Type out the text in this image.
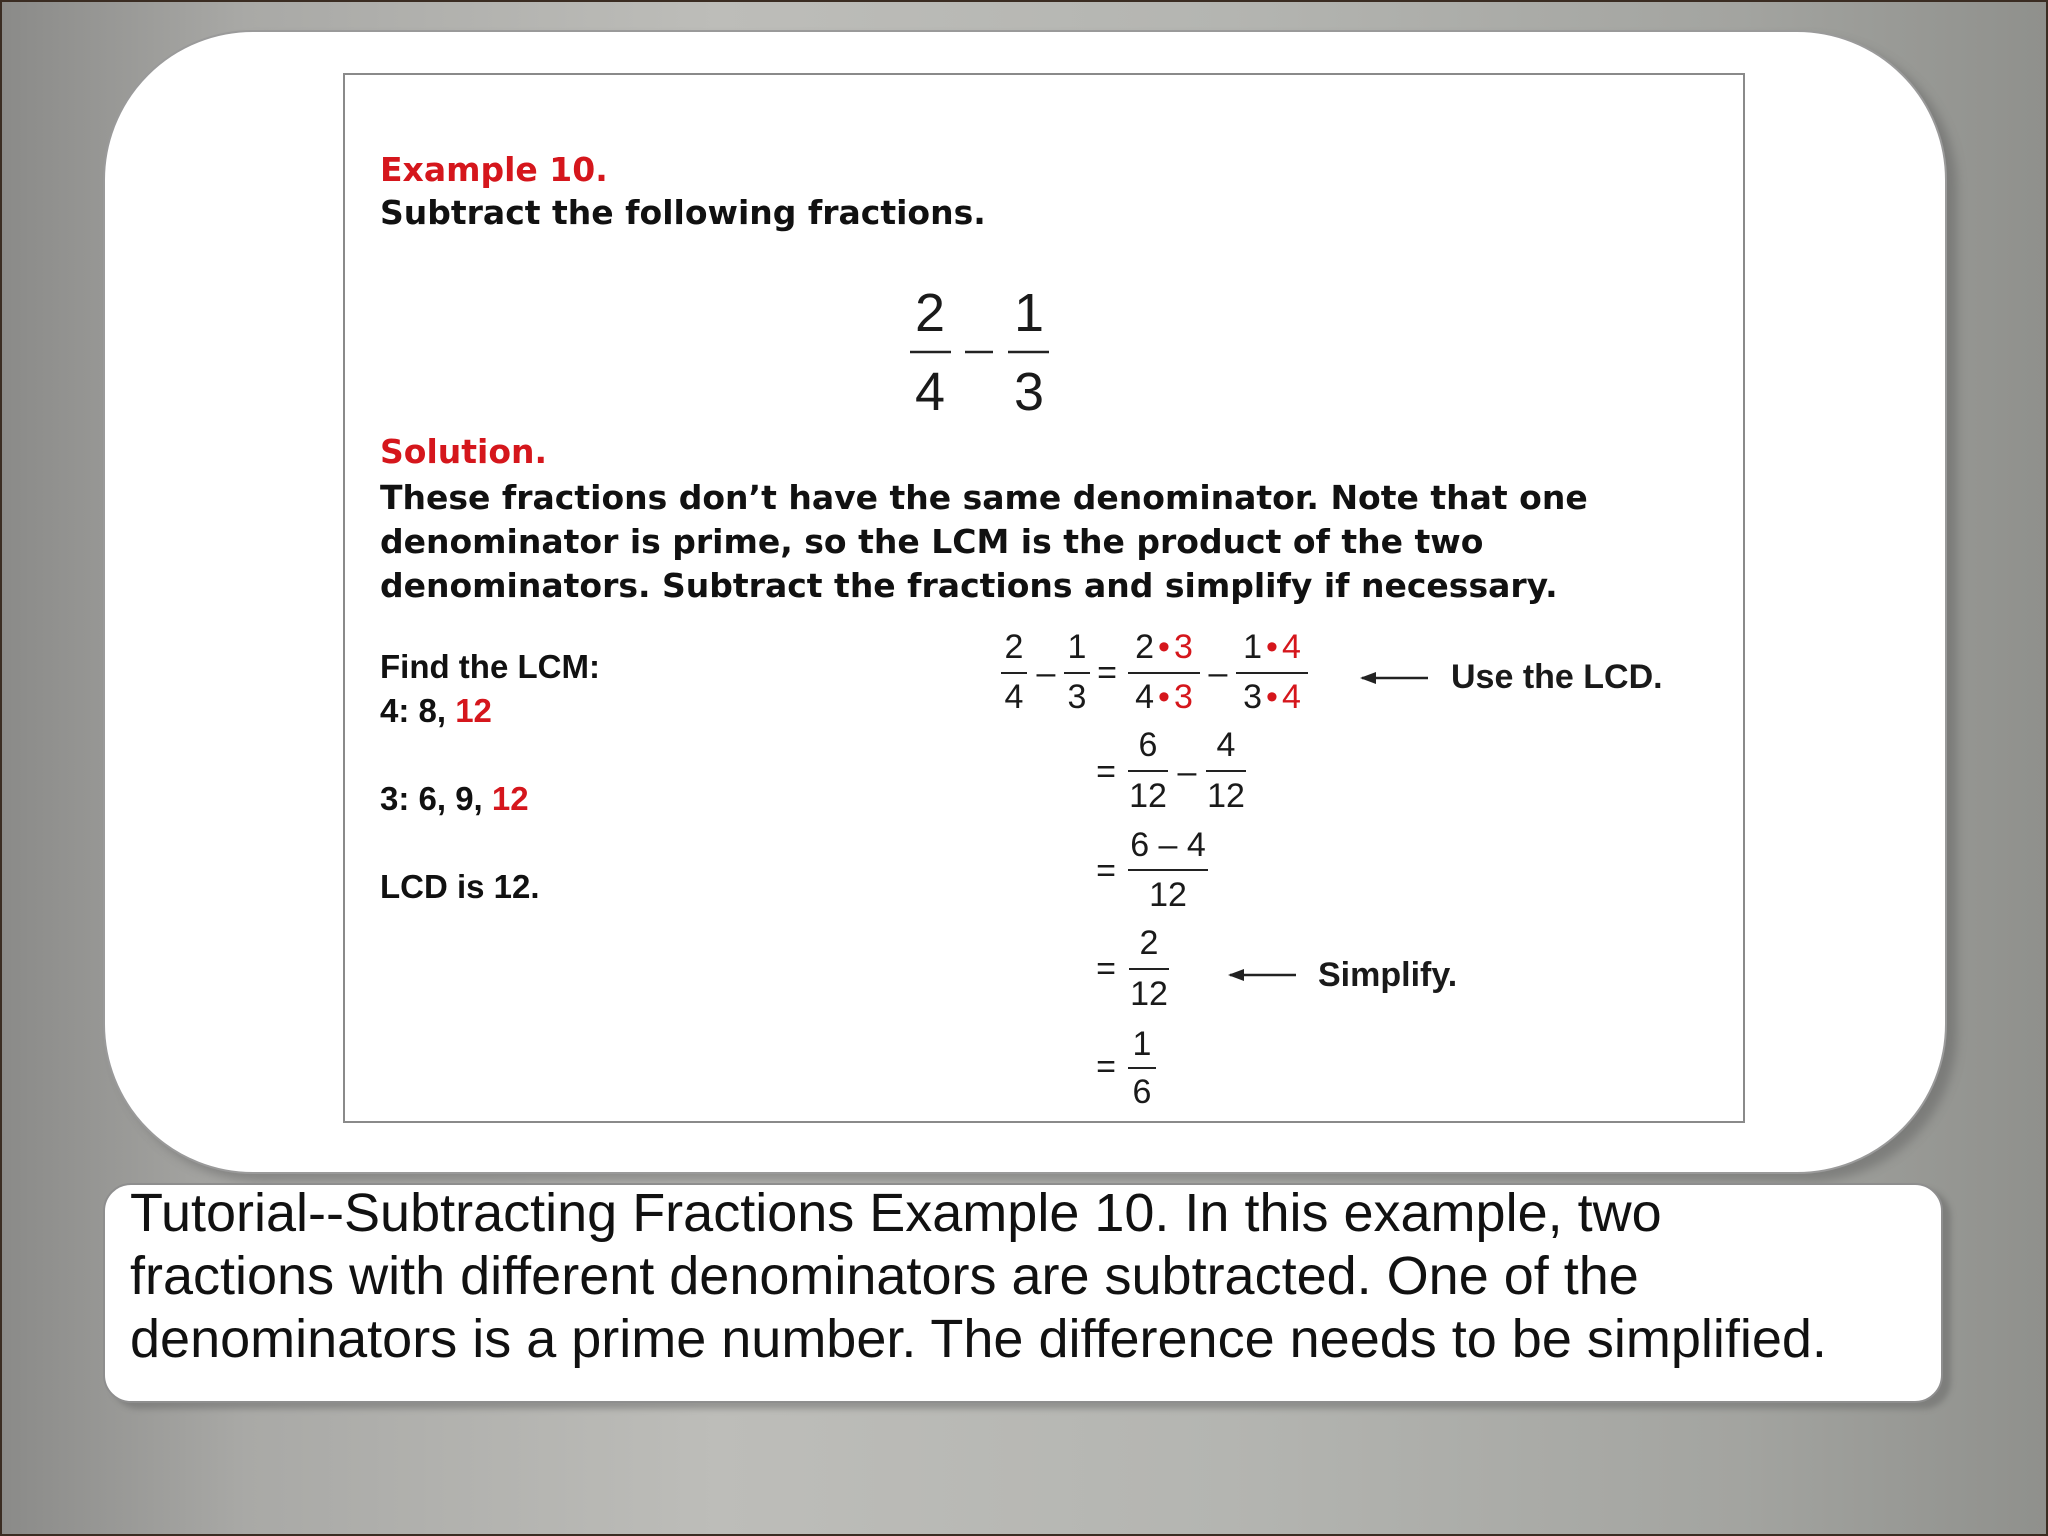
Example 10.
Subtract the following fractions.
2
4
1
3
2
4
–
1
3
=
2 • 3
4 • 3
–
1 • 4
3 • 4
Use the LCD.
=
6
12
–
4
12
=
6 – 4
12
=
2
12	Simplify.
=
1
6
Solution.
These fractions don’t have the same denominator. Note that one
denominator is prime, so the LCM is the product of the two
denominators. Subtract the fractions and simplify if necessary.
Find the LCM:
4: 8, 12
3: 6, 9, 12
LCD is 12.
Tutorial--Subtracting Fractions Example 10. In this example, two
fractions with different denominators are subtracted. One of the
denominators is a prime number. The difference needs to be simplified.
